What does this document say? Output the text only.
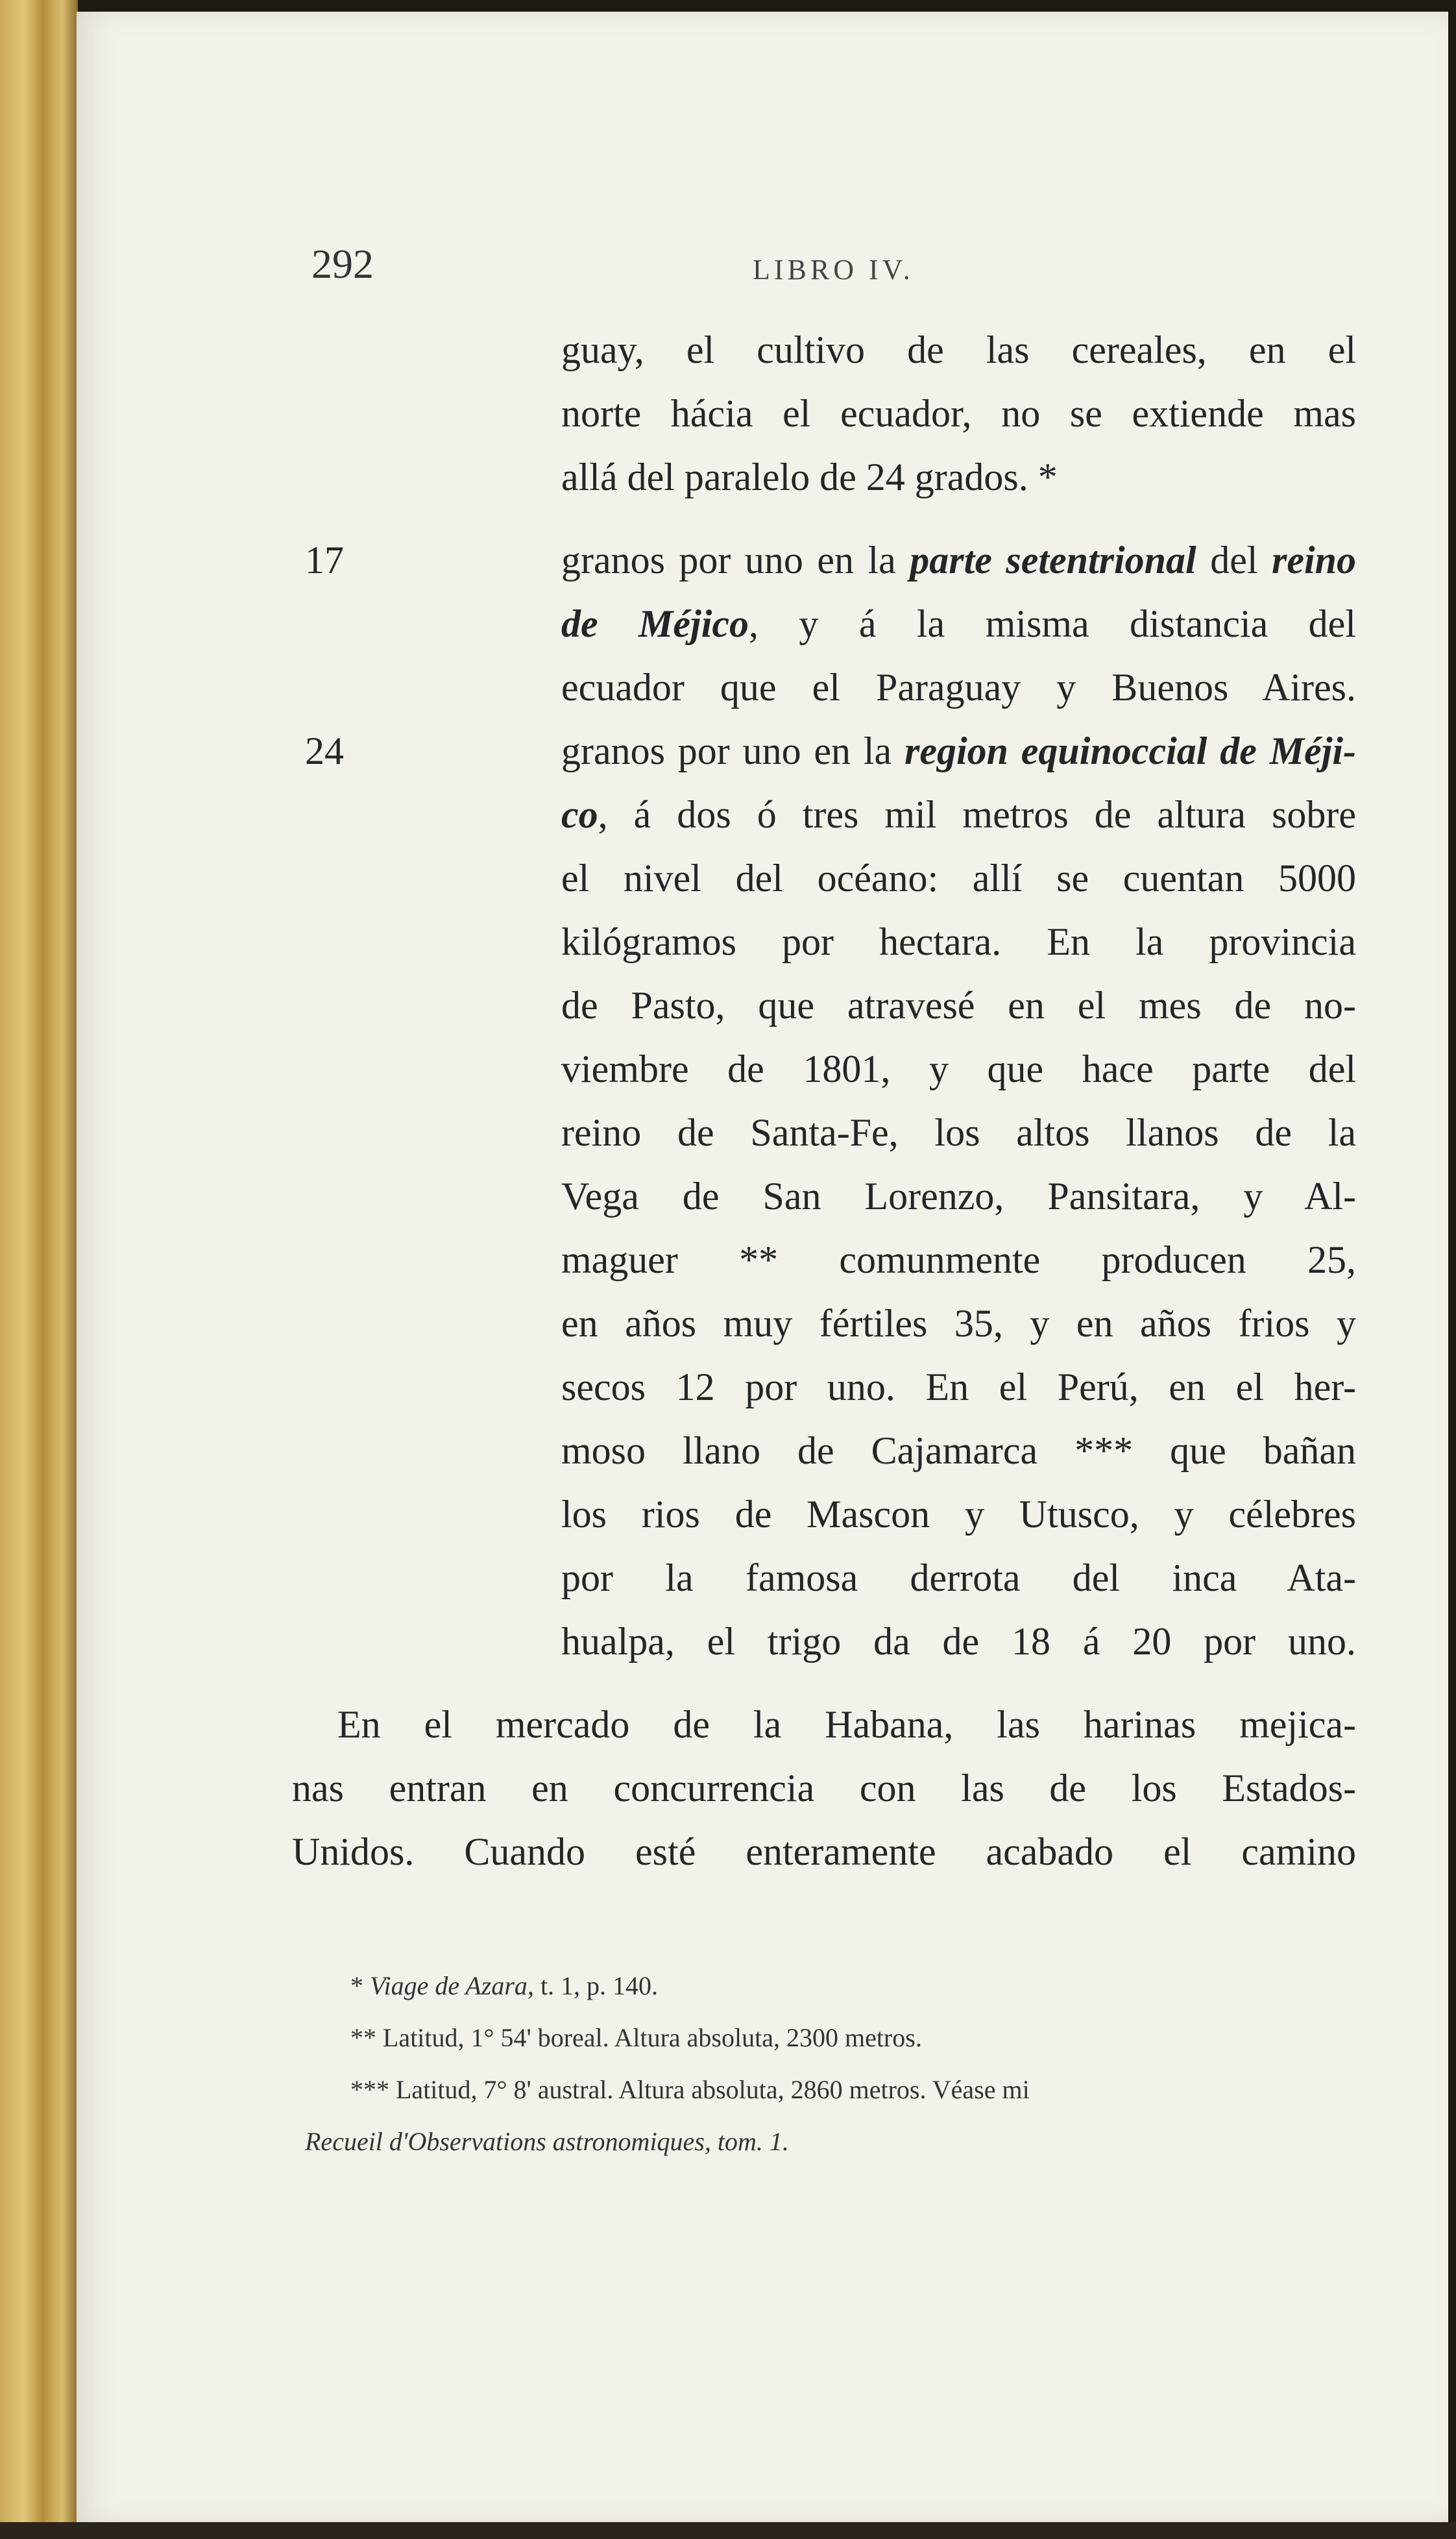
292	LIBRO IV.
guay, el cultivo de las cereales, en el
norte hácia el ecuador, no se extiende mas
allá del paralelo de 24 grados. *
17	granos por uno en la parte setentrional del reino
de Méjico, y á la misma distancia del
ecuador que el Paraguay y Buenos Aires.
24	granos por uno en la region equinoccial de Méji-
co, á dos ó tres mil metros de altura sobre
el nivel del océano: allí se cuentan 5000
kilógramos por hectara. En la provincia
de Pasto, que atravesé en el mes de no-
viembre de 1801, y que hace parte del
reino de Santa-Fe, los altos llanos de la
Vega de San Lorenzo, Pansitara, y Al-
maguer ** comunmente producen 25,
en años muy fértiles 35, y en años frios y
secos 12 por uno. En el Perú, en el her-
moso llano de Cajamarca *** que bañan
los rios de Mascon y Utusco, y célebres
por la famosa derrota del inca Ata-
hualpa, el trigo da de 18 á 20 por uno.
En el mercado de la Habana, las harinas mejica-
nas entran en concurrencia con las de los Estados-
Unidos. Cuando esté enteramente acabado el camino
* Viage de Azara, t. 1, p. 140.
** Latitud, 1° 54' boreal. Altura absoluta, 2300 metros.
*** Latitud, 7° 8' austral. Altura absoluta, 2860 metros. Véase mi
Recueil d'Observations astronomiques, tom. 1.
